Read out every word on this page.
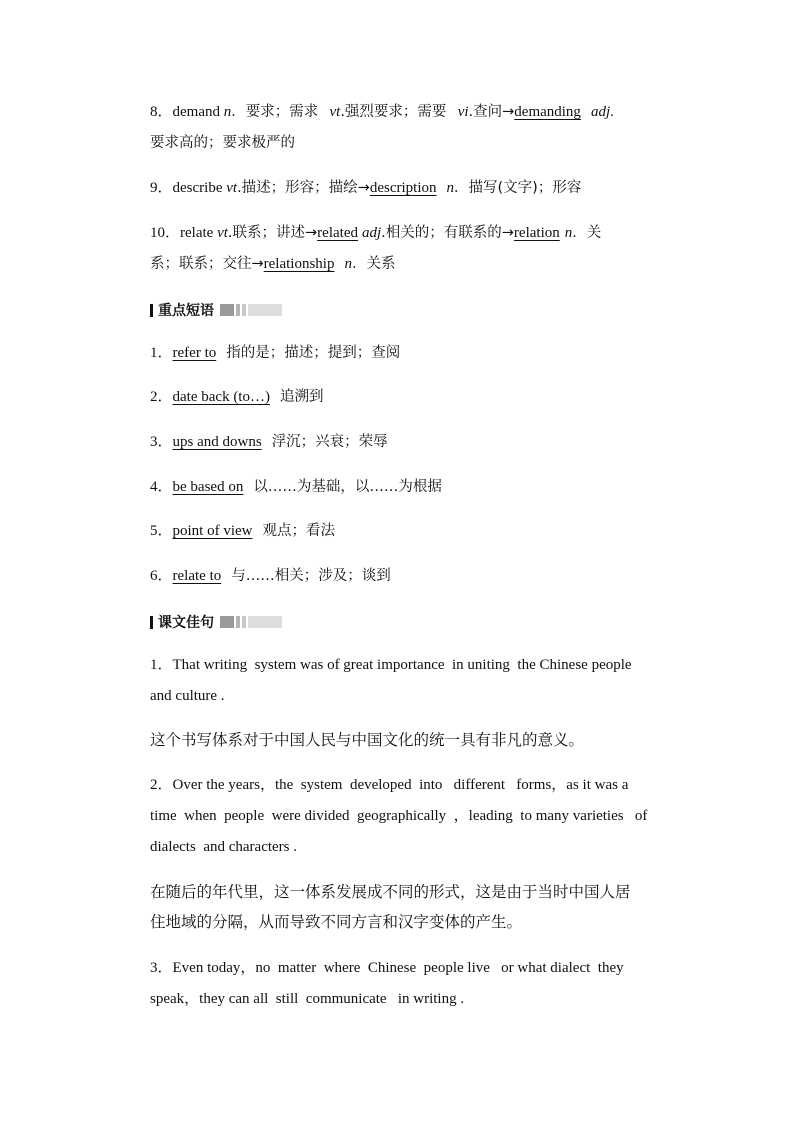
8．demand n．要求；需求 vt.强烈要求；需要 vi.查问→demanding adj.
要求高的；要求极严的
9．describe vt.描述；形容；描绘→description n．描写(文字)；形容
10．relate vt.联系；讲述→related adj.相关的；有联系的→relation n．关
系；联系；交往→relationship n．关系
重点短语
1．refer to 指的是；描述；提到；查阅
2．date back (to…) 追溯到
3．ups and downs 浮沉；兴衰；荣辱
4．be based on 以……为基础，以……为根据
5．point of view 观点；看法
6．relate to 与……相关；涉及；谈到
课文佳句
1．That writing  system was of great importance  in uniting  the Chinese people
and culture .
这个书写体系对于中国人民与中国文化的统一具有非凡的意义。
2．Over the years，the  system  developed  into   different   forms，as it was a
time  when  people  were divided  geographically  ，leading  to many varieties   of
dialects  and characters .
在随后的年代里，这一体系发展成不同的形式，这是由于当时中国人居
住地域的分隔，从而导致不同方言和汉字变体的产生。
3．Even today，no  matter  where  Chinese  people live   or what dialect  they
speak，they can all  still  communicate   in writing .
